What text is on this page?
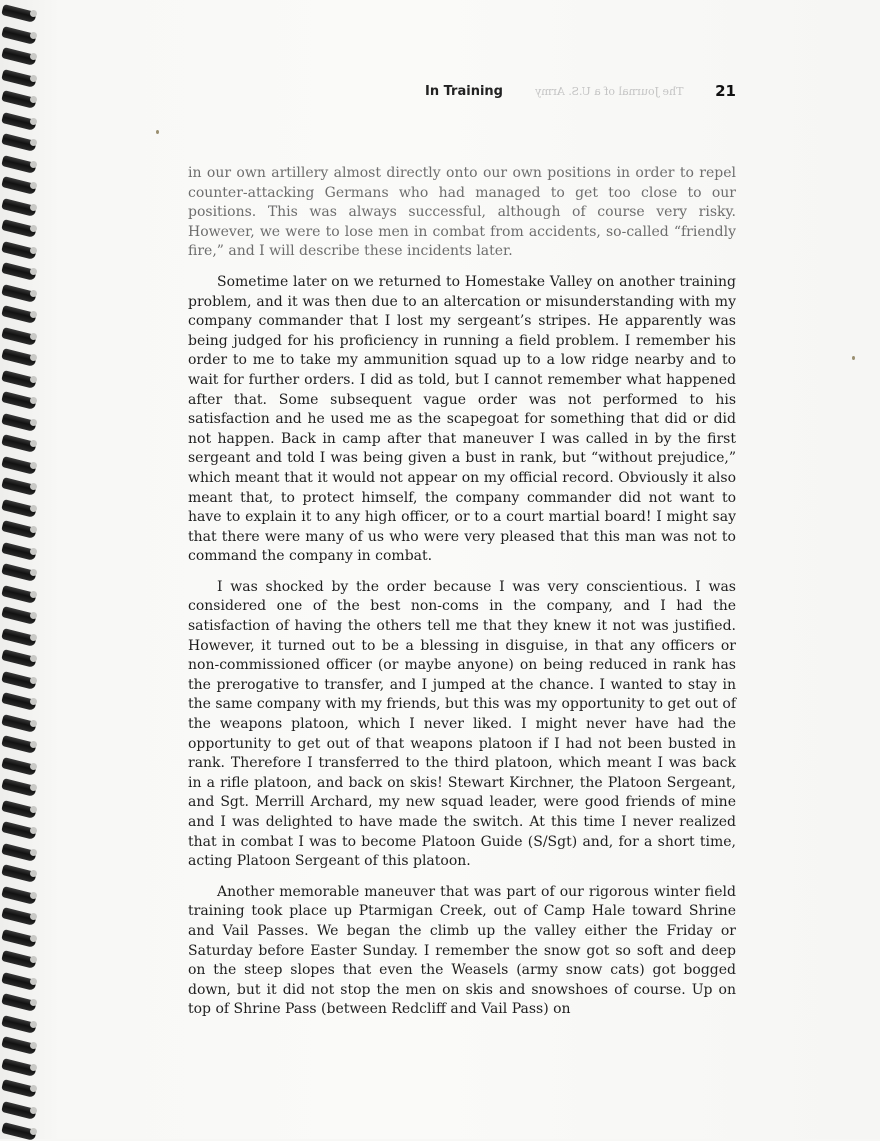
In Training	The Journal of a U.S. Army 21

in our own artillery almost directly onto our own positions in order to repel counter-attacking Germans who had managed to get too close to our positions. This was always successful, although of course very risky. However, we were to lose men in combat from accidents, so-called “friendly fire,” and I will describe these incidents later.

Sometime later on we returned to Homestake Valley on another training problem, and it was then due to an altercation or misunderstanding with my company commander that I lost my sergeant’s stripes. He apparently was being judged for his proficiency in running a field problem. I remember his order to me to take my ammunition squad up to a low ridge nearby and to wait for further orders. I did as told, but I cannot remember what happened after that. Some subsequent vague order was not performed to his satisfaction and he used me as the scapegoat for something that did or did not happen. Back in camp after that maneuver I was called in by the first sergeant and told I was being given a bust in rank, but “without prejudice,” which meant that it would not appear on my official record. Obviously it also meant that, to protect himself, the company commander did not want to have to explain it to any high officer, or to a court martial board! I might say that there were many of us who were very pleased that this man was not to command the company in combat.

I was shocked by the order because I was very conscientious. I was considered one of the best non-coms in the company, and I had the satisfaction of having the others tell me that they knew it not was justified. However, it turned out to be a blessing in disguise, in that any officers or non-commissioned officer (or maybe anyone) on being reduced in rank has the prerogative to transfer, and I jumped at the chance. I wanted to stay in the same company with my friends, but this was my opportunity to get out of the weapons platoon, which I never liked. I might never have had the opportunity to get out of that weapons platoon if I had not been busted in rank. Therefore I transferred to the third platoon, which meant I was back in a rifle platoon, and back on skis! Stewart Kirchner, the Platoon Sergeant, and Sgt. Merrill Archard, my new squad leader, were good friends of mine and I was delighted to have made the switch. At this time I never realized that in combat I was to become Platoon Guide (S/Sgt) and, for a short time, acting Platoon Sergeant of this platoon.

Another memorable maneuver that was part of our rigorous winter field training took place up Ptarmigan Creek, out of Camp Hale toward Shrine and Vail Passes. We began the climb up the valley either the Friday or Saturday before Easter Sunday. I remember the snow got so soft and deep on the steep slopes that even the Weasels (army snow cats) got bogged down, but it did not stop the men on skis and snowshoes of course. Up on top of Shrine Pass (between Redcliff and Vail Pass) on
